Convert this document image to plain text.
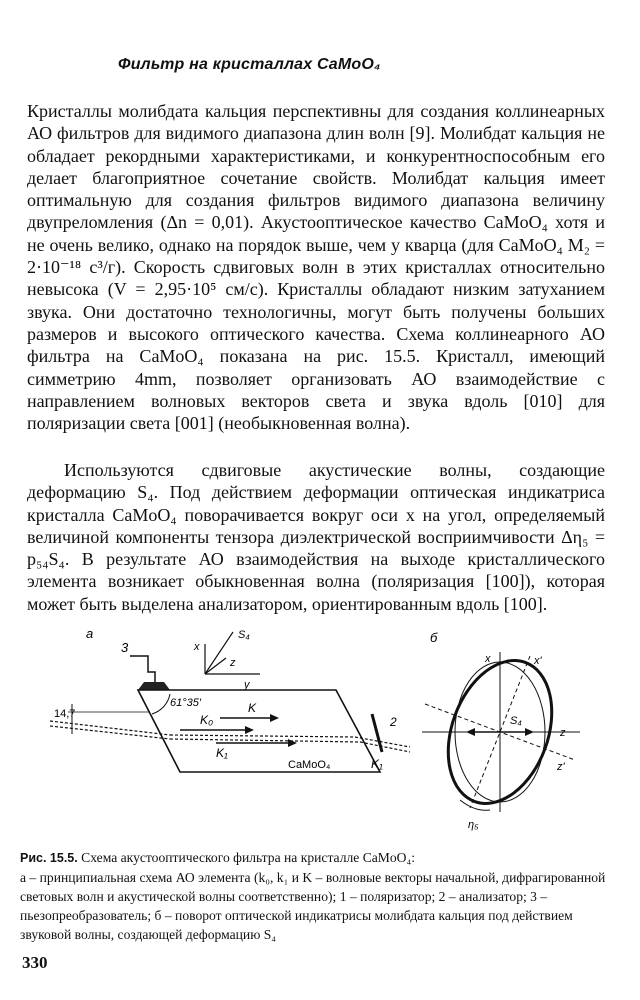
Фильтр на кристаллах CaMoO₄
Кристаллы молибдата кальция перспективны для создания коллинеарных АО фильтров для видимого диапазона длин волн [9]. Молибдат кальция не обладает рекордными характеристиками, и конкурентноспособным его делает благоприятное сочетание свойств. Молибдат кальция имеет оптимальную для создания фильтров видимого диапазона величину двупреломления (Δn = 0,01). Акустооптическое качество CaMoO₄ хотя и не очень велико, однако на порядок выше, чем у кварца (для CaMoO₄ M₂ = 2·10⁻¹⁸ с³/г). Скорость сдвиговых волн в этих кристаллах относительно невысока (V = 2,95·10⁵ см/с). Кристаллы обладают низким затуханием звука. Они достаточно технологичны, могут быть получены больших размеров и высокого оптического качества. Схема коллинеарного АО фильтра на CaMoO₄ показана на рис. 15.5. Кристалл, имеющий симметрию 4mm, позволяет организовать АО взаимодействие с направлением волновых векторов света и звука вдоль [010] для поляризации света [001] (необыкновенная волна).
Используются сдвиговые акустические волны, создающие деформацию S₄. Под действием деформации оптическая индикатриса кристалла CaMoO₄ поворачивается вокруг оси x на угол, определяемый величиной компоненты тензора диэлектрической восприимчивости Δη₅ = p₅₄S₄. В результате АО взаимодействия на выходе кристаллического элемента возникает обыкновенная волна (поляризация [100]), которая может быть выделена анализатором, ориентированным вдоль [100].
а
3
CaMoO₄
61°35'
14,7	K₀
K
K₁
2
K₁
x
S₄
z
y
б
S₄
x	x'
z
z'
η₅
Рис. 15.5. Схема акустооптического фильтра на кристалле CaMoO₄:
а – принципиальная схема АО элемента (k₀, k₁ и K – волновые векторы начальной, дифрагированной световых волн и акустической волны соответственно); 1 – поляризатор; 2 – анализатор; 3 – пьезопреобразователь; б – поворот оптической индикатрисы молибдата кальция под действием звуковой волны, создающей деформацию S₄
330
